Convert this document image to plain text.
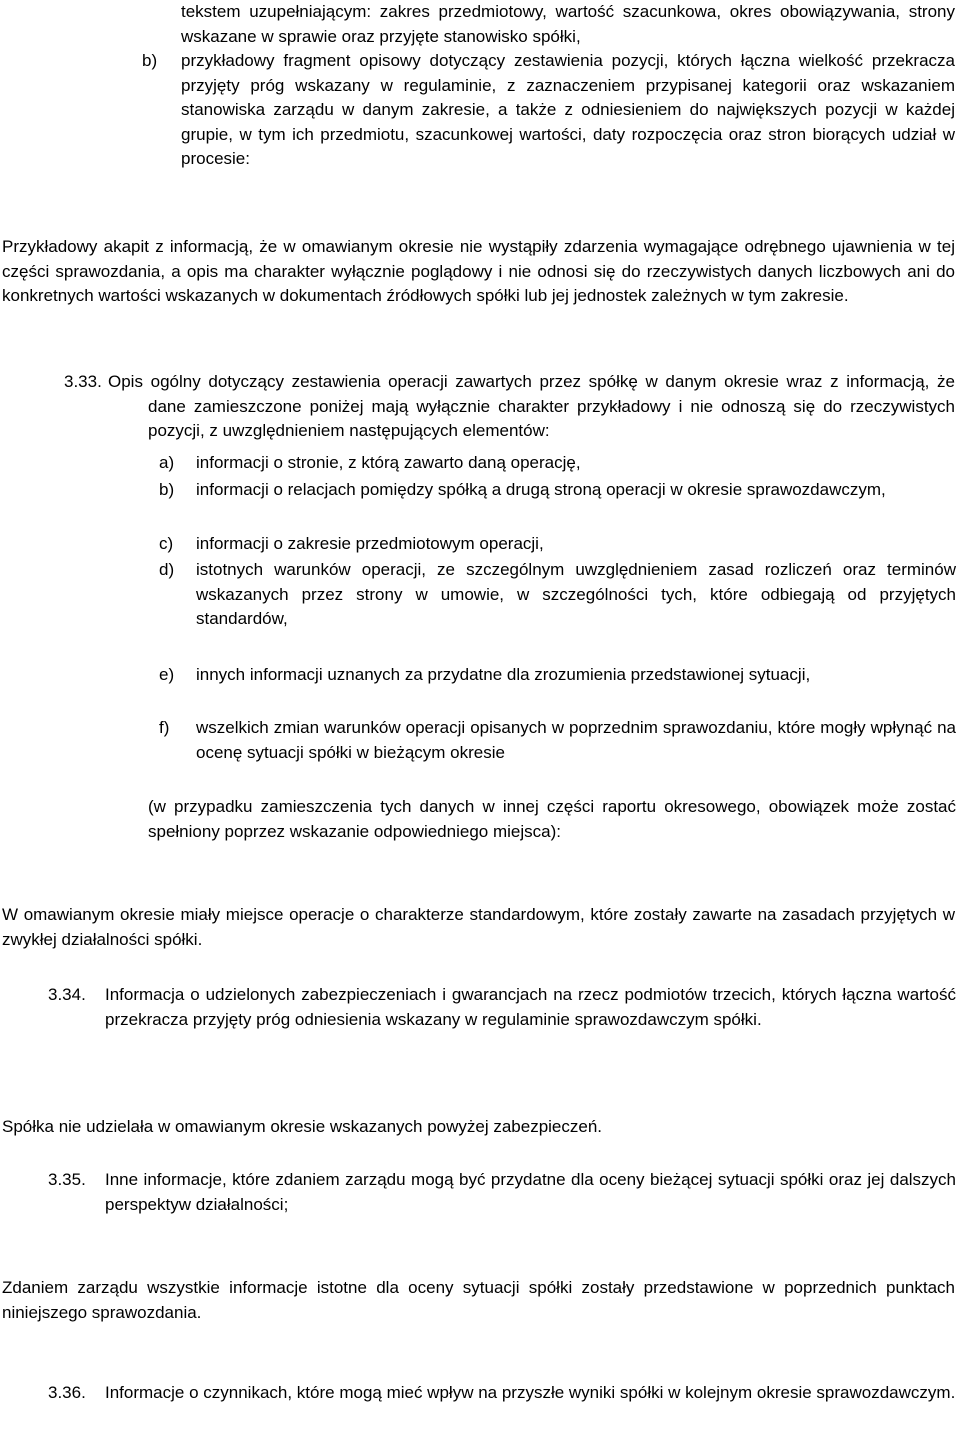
tekstem uzupełniającym: zakres przedmiotowy, wartość szacunkowa, okres obowiązywania, strony wskazane w sprawie oraz przyjęte stanowisko spółki,

b) przykładowy fragment opisowy dotyczący zestawienia pozycji, których łączna wielkość przekracza przyjęty próg wskazany w regulaminie, z zaznaczeniem przypisanej kategorii oraz wskazaniem stanowiska zarządu w danym zakresie, a także z odniesieniem do największych pozycji w każdej grupie, w tym ich przedmiotu, szacunkowej wartości, daty rozpoczęcia oraz stron biorących udział w procesie:

Przykładowy akapit z informacją, że w omawianym okresie nie wystąpiły zdarzenia wymagające odrębnego ujawnienia w tej części sprawozdania, a opis ma charakter wyłącznie poglądowy i nie odnosi się do rzeczywistych danych liczbowych ani do konkretnych wartości wskazanych w dokumentach źródłowych spółki lub jej jednostek zależnych w tym zakresie.

3.33. Opis ogólny dotyczący zestawienia operacji zawartych przez spółkę w danym okresie wraz z informacją, że dane zamieszczone poniżej mają wyłącznie charakter przykładowy i nie odnoszą się do rzeczywistych pozycji, z uwzględnieniem następujących elementów:

a) informacji o stronie, z którą zawarto daną operację,

b) informacji o relacjach pomiędzy spółką a drugą stroną operacji w okresie sprawozdawczym,

c) informacji o zakresie przedmiotowym operacji,

d) istotnych warunków operacji, ze szczególnym uwzględnieniem zasad rozliczeń oraz terminów wskazanych przez strony w umowie, w szczególności tych, które odbiegają od przyjętych standardów,

e) innych informacji uznanych za przydatne dla zrozumienia przedstawionej sytuacji,

f) wszelkich zmian warunków operacji opisanych w poprzednim sprawozdaniu, które mogły wpłynąć na ocenę sytuacji spółki w bieżącym okresie

(w przypadku zamieszczenia tych danych w innej części raportu okresowego, obowiązek może zostać spełniony poprzez wskazanie odpowiedniego miejsca):

W omawianym okresie miały miejsce operacje o charakterze standardowym, które zostały zawarte na zasadach przyjętych w zwykłej działalności spółki.

3.34. Informacja o udzielonych zabezpieczeniach i gwarancjach na rzecz podmiotów trzecich, których łączna wartość przekracza przyjęty próg odniesienia wskazany w regulaminie sprawozdawczym spółki.

Spółka nie udzielała w omawianym okresie wskazanych powyżej zabezpieczeń.

3.35. Inne informacje, które zdaniem zarządu mogą być przydatne dla oceny bieżącej sytuacji spółki oraz jej dalszych perspektyw działalności;

Zdaniem zarządu wszystkie informacje istotne dla oceny sytuacji spółki zostały przedstawione w poprzednich punktach niniejszego sprawozdania.

3.36. Informacje o czynnikach, które mogą mieć wpływ na przyszłe wyniki spółki w kolejnym okresie sprawozdawczym.
